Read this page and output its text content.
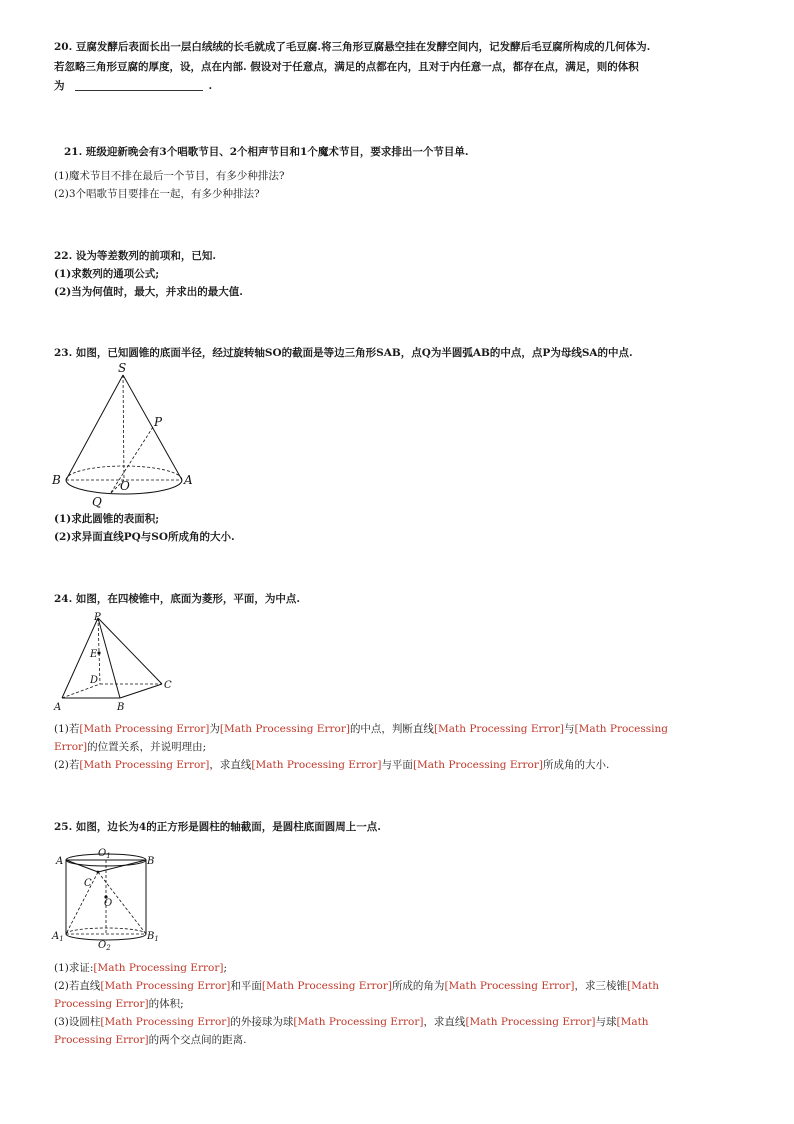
20. 豆腐发酵后表面长出一层白绒绒的长毛就成了毛豆腐.将三角形豆腐悬空挂在发酵空间内，记发酵后毛豆腐所构成的几何体为.
若忽略三角形豆腐的厚度，设，点在内部. 假设对于任意点，满足的点都在内，且对于内任意一点，都存在点，满足，则的体积
为	.
21. 班级迎新晚会有3个唱歌节目、2个相声节目和1个魔术节目，要求排出一个节目单.
(1)魔术节目不排在最后一个节目，有多少种排法?
(2)3个唱歌节目要排在一起，有多少种排法?
22. 设为等差数列的前项和，已知.
(1)求数列的通项公式;
(2)当为何值时，最大，并求出的最大值.
23. 如图，已知圆锥的底面半径，经过旋转轴SO的截面是等边三角形SAB，点Q为半圆弧AB的中点，点P为母线SA的中点.
S
P
B	O	A
Q
(1)求此圆锥的表面积;
(2)求异面直线PQ与SO所成角的大小.
24. 如图，在四棱锥中，底面为菱形，平面，为中点.
P
E
D	C
A	B
(1)若[Math Processing Error]为[Math Processing Error]的中点，判断直线[Math Processing Error]与[Math Processing
Error]的位置关系，并说明理由;
(2)若[Math Processing Error]，求直线[Math Processing Error]与平面[Math Processing Error]所成角的大小.
25. 如图，边长为4的正方形是圆柱的轴截面，是圆柱底面圆周上一点.
$O_1$
A	B
C
O
$A_1$
$O_2$
$B_1$
(1)求证:[Math Processing Error];
(2)若直线[Math Processing Error]和平面[Math Processing Error]所成的角为[Math Processing Error]，求三棱锥[Math
Processing Error]的体积;
(3)设圆柱[Math Processing Error]的外接球为球[Math Processing Error]，求直线[Math Processing Error]与球[Math
Processing Error]的两个交点间的距离.
